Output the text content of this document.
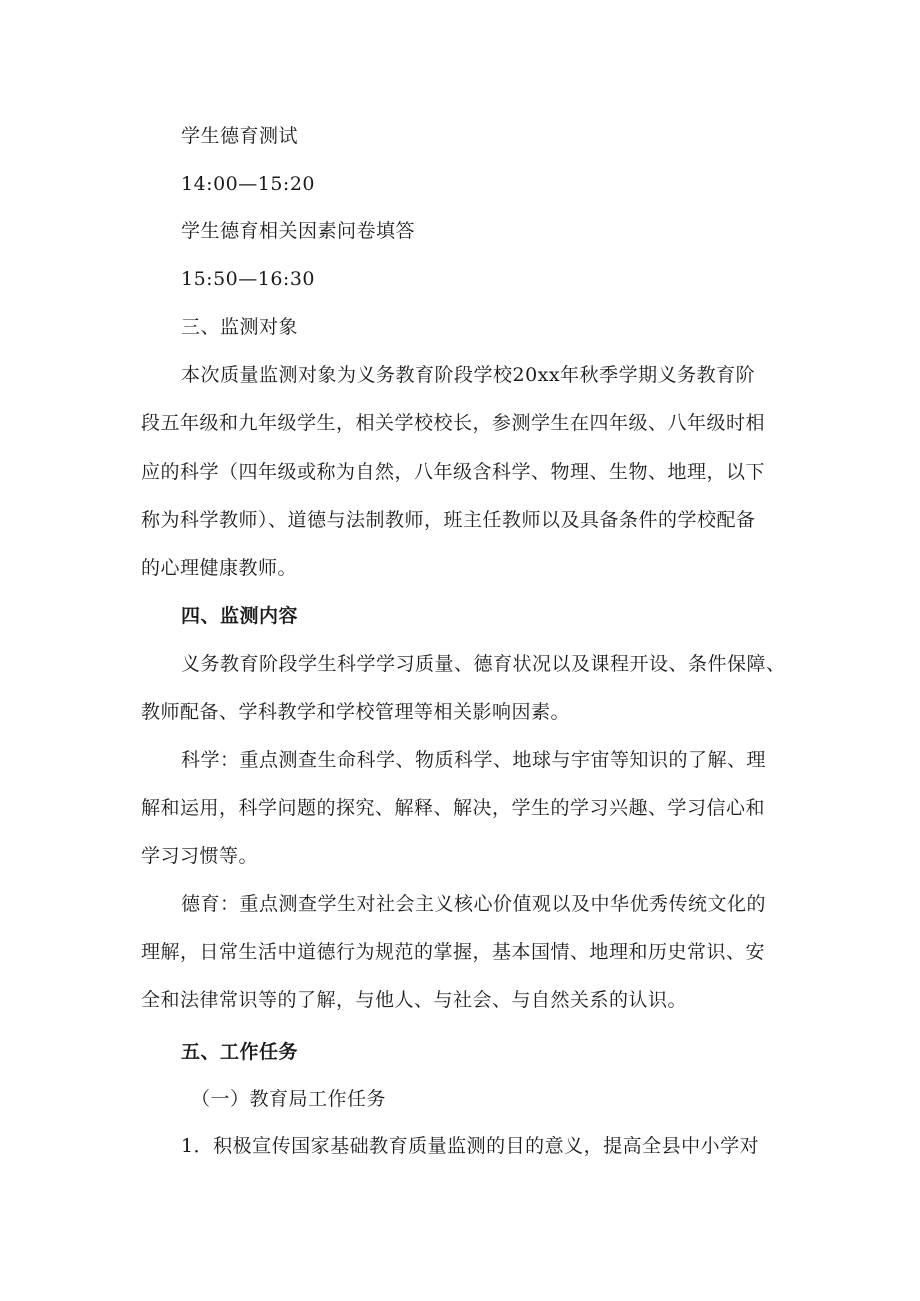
学生德育测试
14:00—15:20
学生德育相关因素问卷填答
15:50—16:30
三、监测对象
本次质量监测对象为义务教育阶段学校20xx年秋季学期义务教育阶
段五年级和九年级学生，相关学校校长，参测学生在四年级、八年级时相
应的科学（四年级或称为自然，八年级含科学、物理、生物、地理，以下
称为科学教师）、道德与法制教师，班主任教师以及具备条件的学校配备
的心理健康教师。
四、监测内容
义务教育阶段学生科学学习质量、德育状况以及课程开设、条件保障、
教师配备、学科教学和学校管理等相关影响因素。
科学：重点测查生命科学、物质科学、地球与宇宙等知识的了解、理
解和运用，科学问题的探究、解释、解决，学生的学习兴趣、学习信心和
学习习惯等。
德育：重点测查学生对社会主义核心价值观以及中华优秀传统文化的
理解，日常生活中道德行为规范的掌握，基本国情、地理和历史常识、安
全和法律常识等的了解，与他人、与社会、与自然关系的认识。
五、工作任务
（一）教育局工作任务
1．积极宣传国家基础教育质量监测的目的意义，提高全县中小学对
